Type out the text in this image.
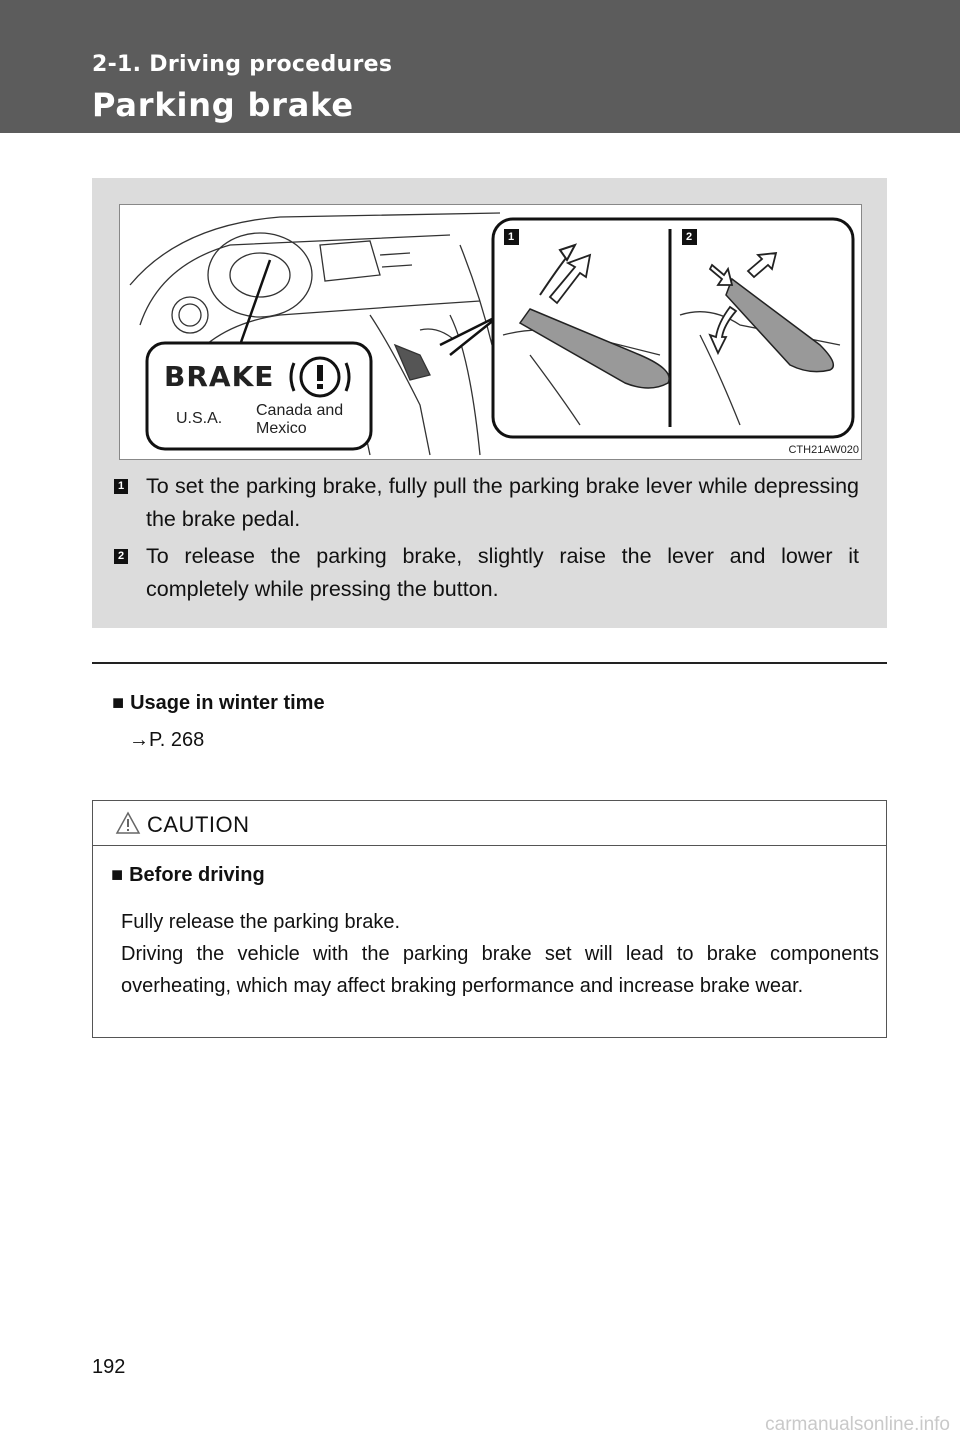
2-1. Driving procedures
Parking brake
BRAKE
U.S.A. Canada and
Mexico
1	2
CTH21AW020
1 To set the parking brake, fully pull the parking brake lever while depressing the brake pedal.
2 To release the parking brake, slightly raise the lever and lower it completely while pressing the button.
■ Usage in winter time
→P. 268
CAUTION
■ Before driving
Fully release the parking brake.
Driving the vehicle with the parking brake set will lead to brake components overheating, which may affect braking performance and increase brake wear.
192
carmanualsonline.info
